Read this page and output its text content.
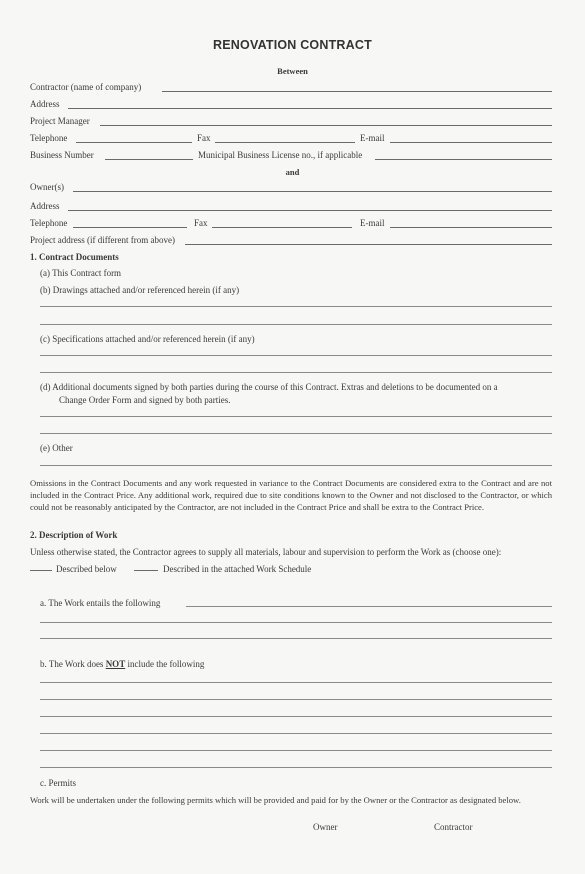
RENOVATION CONTRACT
Between
Contractor (name of company)
Address
Project Manager
Telephone	Fax	E-mail
Business Number	Municipal Business License no., if applicable
and
Owner(s)
Address
Telephone	Fax	E-mail
Project address (if different from above)
1. Contract Documents
(a) This Contract form
(b) Drawings attached and/or referenced herein (if any)
(c) Specifications attached and/or referenced herein (if any)
(d) Additional documents signed by both parties during the course of this Contract. Extras and deletions to be documented on a
Change Order Form and signed by both parties.
(e) Other
Omissions in the Contract Documents and any work requested in variance to the Contract Documents are considered extra to the Contract and are not included in the Contract Price. Any additional work, required due to site conditions known to the Owner and not disclosed to the Contractor, or which could not be reasonably anticipated by the Contractor, are not included in the Contract Price and shall be extra to the Contract Price.
2. Description of Work
Unless otherwise stated, the Contractor agrees to supply all materials, labour and supervision to perform the Work as (choose one):
Described below	Described in the attached Work Schedule
a. The Work entails the following
b. The Work does NOT include the following
c. Permits
Work will be undertaken under the following permits which will be provided and paid for by the Owner or the Contractor as designated below.
Owner	Contractor
